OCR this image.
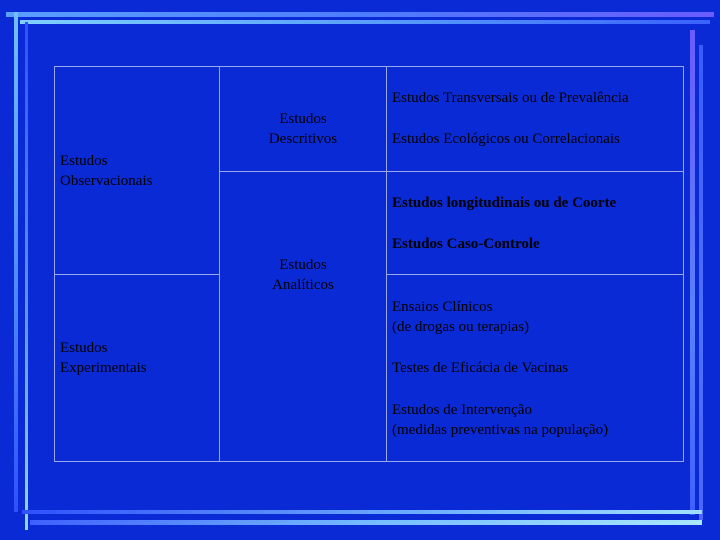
Estudos
Observacionais
Estudos
Experimentais
Estudos
Descritivos
Estudos
Analíticos
Estudos Transversais ou de Prevalência
Estudos Ecológicos ou Correlacionais
Estudos longitudinais ou de Coorte
Estudos Caso-Controle
Ensaios Clínicos
(de drogas ou terapias)
Testes de Eficácia de Vacinas
Estudos de Intervenção
(medidas preventivas na população)
